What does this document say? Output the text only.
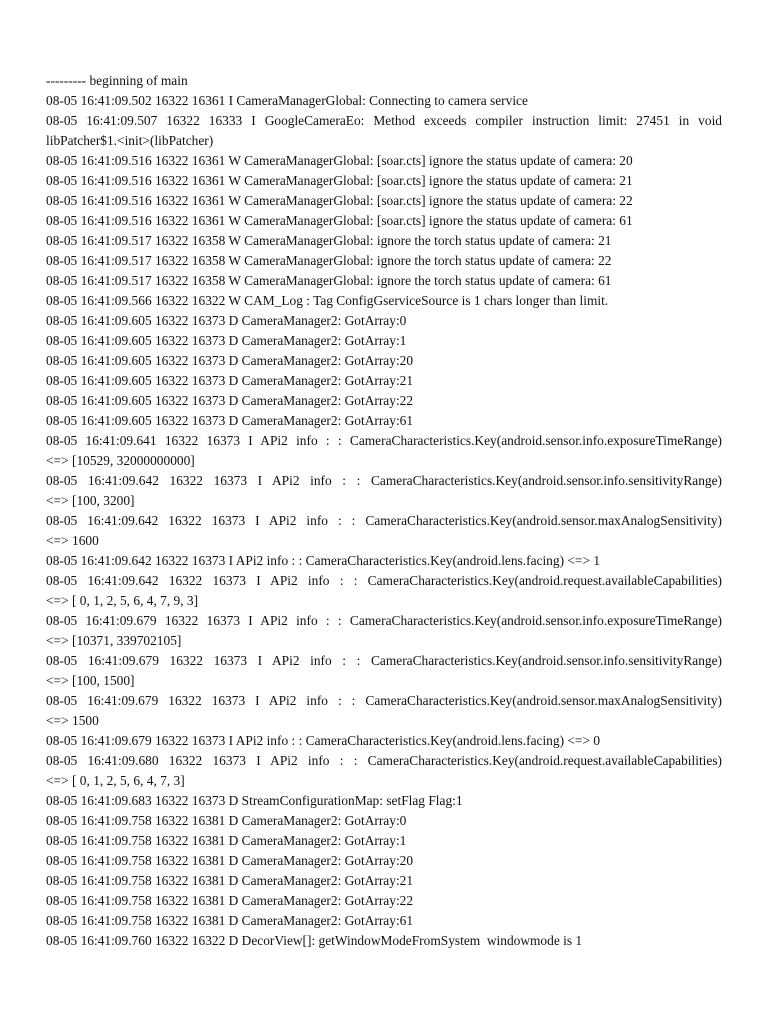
--------- beginning of main
08-05 16:41:09.502 16322 16361 I CameraManagerGlobal: Connecting to camera service
08-05 16:41:09.507 16322 16333 I GoogleCameraEo: Method exceeds compiler instruction limit: 27451 in void
libPatcher$1.<init>(libPatcher)
08-05 16:41:09.516 16322 16361 W CameraManagerGlobal: [soar.cts] ignore the status update of camera: 20
08-05 16:41:09.516 16322 16361 W CameraManagerGlobal: [soar.cts] ignore the status update of camera: 21
08-05 16:41:09.516 16322 16361 W CameraManagerGlobal: [soar.cts] ignore the status update of camera: 22
08-05 16:41:09.516 16322 16361 W CameraManagerGlobal: [soar.cts] ignore the status update of camera: 61
08-05 16:41:09.517 16322 16358 W CameraManagerGlobal: ignore the torch status update of camera: 21
08-05 16:41:09.517 16322 16358 W CameraManagerGlobal: ignore the torch status update of camera: 22
08-05 16:41:09.517 16322 16358 W CameraManagerGlobal: ignore the torch status update of camera: 61
08-05 16:41:09.566 16322 16322 W CAM_Log : Tag ConfigGserviceSource is 1 chars longer than limit.
08-05 16:41:09.605 16322 16373 D CameraManager2: GotArray:0
08-05 16:41:09.605 16322 16373 D CameraManager2: GotArray:1
08-05 16:41:09.605 16322 16373 D CameraManager2: GotArray:20
08-05 16:41:09.605 16322 16373 D CameraManager2: GotArray:21
08-05 16:41:09.605 16322 16373 D CameraManager2: GotArray:22
08-05 16:41:09.605 16322 16373 D CameraManager2: GotArray:61
08-05 16:41:09.641 16322 16373 I APi2 info : : CameraCharacteristics.Key(android.sensor.info.exposureTimeRange)
<=> [10529, 32000000000]
08-05 16:41:09.642 16322 16373 I APi2 info : : CameraCharacteristics.Key(android.sensor.info.sensitivityRange)
<=> [100, 3200]
08-05 16:41:09.642 16322 16373 I APi2 info : : CameraCharacteristics.Key(android.sensor.maxAnalogSensitivity)
<=> 1600
08-05 16:41:09.642 16322 16373 I APi2 info : : CameraCharacteristics.Key(android.lens.facing) <=> 1
08-05 16:41:09.642 16322 16373 I APi2 info : : CameraCharacteristics.Key(android.request.availableCapabilities)
<=> [ 0, 1, 2, 5, 6, 4, 7, 9, 3]
08-05 16:41:09.679 16322 16373 I APi2 info : : CameraCharacteristics.Key(android.sensor.info.exposureTimeRange)
<=> [10371, 339702105]
08-05 16:41:09.679 16322 16373 I APi2 info : : CameraCharacteristics.Key(android.sensor.info.sensitivityRange)
<=> [100, 1500]
08-05 16:41:09.679 16322 16373 I APi2 info : : CameraCharacteristics.Key(android.sensor.maxAnalogSensitivity)
<=> 1500
08-05 16:41:09.679 16322 16373 I APi2 info : : CameraCharacteristics.Key(android.lens.facing) <=> 0
08-05 16:41:09.680 16322 16373 I APi2 info : : CameraCharacteristics.Key(android.request.availableCapabilities)
<=> [ 0, 1, 2, 5, 6, 4, 7, 3]
08-05 16:41:09.683 16322 16373 D StreamConfigurationMap: setFlag Flag:1
08-05 16:41:09.758 16322 16381 D CameraManager2: GotArray:0
08-05 16:41:09.758 16322 16381 D CameraManager2: GotArray:1
08-05 16:41:09.758 16322 16381 D CameraManager2: GotArray:20
08-05 16:41:09.758 16322 16381 D CameraManager2: GotArray:21
08-05 16:41:09.758 16322 16381 D CameraManager2: GotArray:22
08-05 16:41:09.758 16322 16381 D CameraManager2: GotArray:61
08-05 16:41:09.760 16322 16322 D DecorView[]: getWindowModeFromSystem  windowmode is 1
